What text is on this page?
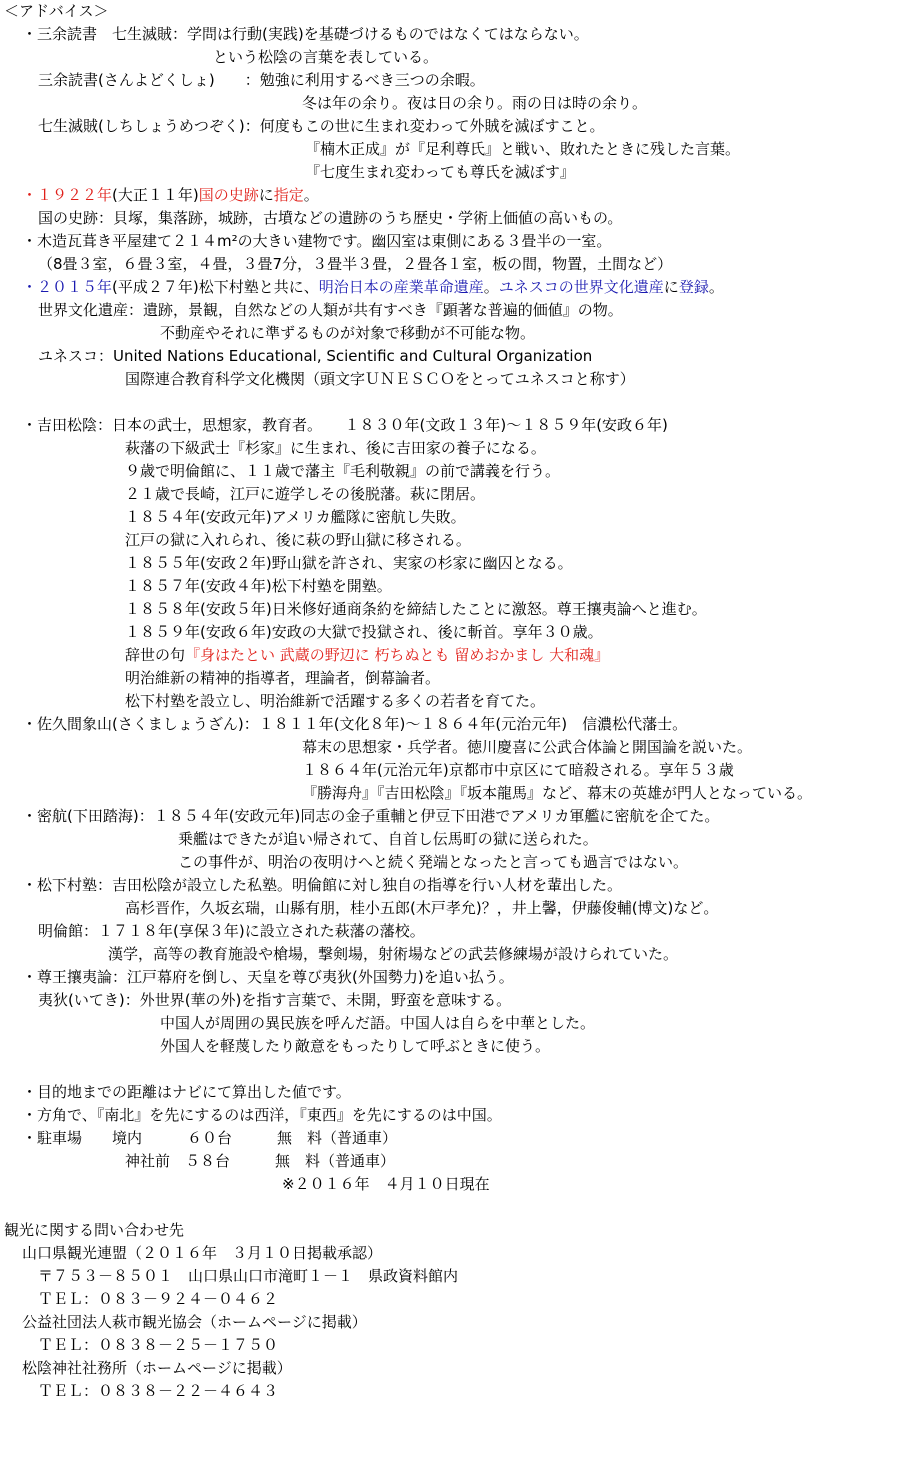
＜アドバイス＞
・三余読書　七生滅賊：学問は行動(実践)を基礎づけるものではなくてはならない。
という松陰の言葉を表している。
三余読書(さんよどくしょ)　　：勉強に利用するべき三つの余暇。
冬は年の余り。夜は日の余り。雨の日は時の余り。
七生滅賊(しちしょうめつぞく)：何度もこの世に生まれ変わって外賊を滅ぼすこと。
『楠木正成』が『足利尊氏』と戦い、敗れたときに残した言葉。
『七度生まれ変わっても尊氏を滅ぼす』
・１９２２年(大正１１年)国の史跡に指定。
国の史跡：貝塚，集落跡，城跡，古墳などの遺跡のうち歴史・学術上価値の高いもの。
・木造瓦葺き平屋建て２１４m²の大きい建物です。幽囚室は東側にある３畳半の一室。
（8畳３室，６畳３室，４畳，３畳7分，３畳半３畳，２畳各１室，板の間，物置，土間など）
・２０１５年(平成２７年)松下村塾と共に、明治日本の産業革命遺産。ユネスコの世界文化遺産に登録。
世界文化遺産：遺跡，景観，自然などの人類が共有すべき『顕著な普遍的価値』の物。
不動産やそれに準ずるものが対象で移動が不可能な物。
ユネスコ：United Nations Educational, Scientific and Cultural Organization
国際連合教育科学文化機関（頭文字ＵＮＥＳＣＯをとってユネスコと称す）
・吉田松陰：日本の武士，思想家，教育者。　　１８３０年(文政１３年)～１８５９年(安政６年)
萩藩の下級武士『杉家』に生まれ、後に吉田家の養子になる。
９歳で明倫館に、１１歳で藩主『毛利敬親』の前で講義を行う。
２１歳で長崎，江戸に遊学しその後脱藩。萩に閉居。
１８５４年(安政元年)アメリカ艦隊に密航し失敗。
江戸の獄に入れられ、後に萩の野山獄に移される。
１８５５年(安政２年)野山獄を許され、実家の杉家に幽囚となる。
１８５７年(安政４年)松下村塾を開塾。
１８５８年(安政５年)日米修好通商条約を締結したことに激怒。尊王攘夷論へと進む。
１８５９年(安政６年)安政の大獄で投獄され、後に斬首。享年３０歳。
辞世の句『身はたとい 武蔵の野辺に 朽ちぬとも 留めおかまし 大和魂』
明治維新の精神的指導者，理論者，倒幕論者。
松下村塾を設立し、明治維新で活躍する多くの若者を育てた。
・佐久間象山(さくましょうざん)：１８１１年(文化８年)～１８６４年(元治元年)　信濃松代藩士。
幕末の思想家・兵学者。徳川慶喜に公武合体論と開国論を説いた。
１８６４年(元治元年)京都市中京区にて暗殺される。享年５３歳
『勝海舟』『吉田松陰』『坂本龍馬』など、幕末の英雄が門人となっている。
・密航(下田踏海)：１８５４年(安政元年)同志の金子重輔と伊豆下田港でアメリカ軍艦に密航を企てた。
乗艦はできたが追い帰されて、自首し伝馬町の獄に送られた。
この事件が、明治の夜明けへと続く発端となったと言っても過言ではない。
・松下村塾：吉田松陰が設立した私塾。明倫館に対し独自の指導を行い人材を輩出した。
高杉晋作，久坂玄瑞，山縣有朋，桂小五郎(木戸孝允)？，井上馨，伊藤俊輔(博文)など。
明倫館：１７１８年(享保３年)に設立された萩藩の藩校。
漢学，高等の教育施設や槍場，撃剣場，射術場などの武芸修練場が設けられていた。
・尊王攘夷論：江戸幕府を倒し、天皇を尊び夷狄(外国勢力)を追い払う。
夷狄(いてき)：外世界(華の外)を指す言葉で、未開，野蛮を意味する。
中国人が周囲の異民族を呼んだ語。中国人は自らを中華とした。
外国人を軽蔑したり敵意をもったりして呼ぶときに使う。
・目的地までの距離はナビにて算出した値です。
・方角で、『南北』を先にするのは西洋，『東西』を先にするのは中国。
・駐車場　　境内　　　６０台　　　無　料（普通車）
神社前　５８台　　　無　料（普通車）
※２０１６年　４月１０日現在
観光に関する問い合わせ先
山口県観光連盟（２０１６年　３月１０日掲載承認）
〒７５３－８５０１　山口県山口市滝町１－１　県政資料館内
ＴＥＬ：０８３－９２４－０４６２
公益社団法人萩市観光協会（ホームページに掲載）
ＴＥＬ：０８３８－２５－１７５０
松陰神社社務所（ホームページに掲載）
ＴＥＬ：０８３８－２２－４６４３
